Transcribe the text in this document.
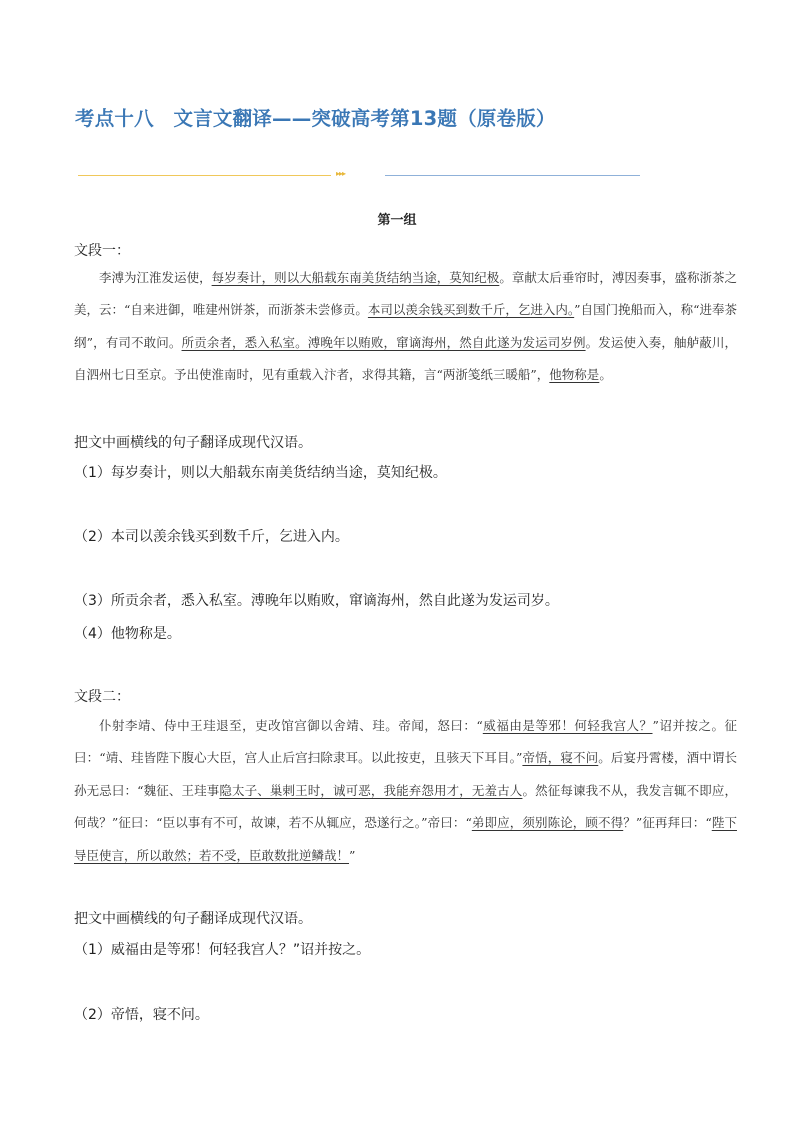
考点十八　文言文翻译——突破高考第13题（原卷版）
▸▸▸
第一组
文段一：
李溥为江淮发运使，每岁奏计，则以大船载东南美货结纳当途，莫知纪极。章献太后垂帘时，溥因奏事，盛称浙茶之美，云：“自来进御，唯建州饼茶，而浙茶未尝修贡。本司以羡余钱买到数千斤，乞进入内。”自国门挽船而入，称“进奉茶纲”，有司不敢问。所贡余者，悉入私室。溥晚年以贿败，窜谪海州，然自此遂为发运司岁例。发运使入奏，舳舻蔽川，自泗州七日至京。予出使淮南时，见有重载入汴者，求得其籍，言“两浙笺纸三暖船”，他物称是。
把文中画横线的句子翻译成现代汉语。
（1）每岁奏计，则以大船载东南美货结纳当途，莫知纪极。
（2）本司以羡余钱买到数千斤，乞进入内。
（3）所贡余者，悉入私室。溥晚年以贿败，窜谪海州，然自此遂为发运司岁。
（4）他物称是。
文段二：
仆射李靖、侍中王珪退至，吏改馆宫御以舍靖、珪。帝闻，怒曰：“威福由是等邪！何轻我宫人？”诏并按之。征曰：“靖、珪皆陛下腹心大臣，宫人止后宫扫除隶耳。以此按吏，且骇天下耳目。”帝悟，寝不问。后宴丹霄楼，酒中谓长孙无忌曰：“魏征、王珪事隐太子、巢剌王时，诚可恶，我能弃怨用才，无羞古人。然征每谏我不从，我发言辄不即应，何哉？”征曰：“臣以事有不可，故谏，若不从辄应，恐遂行之。”帝曰：“弟即应，须别陈论，顾不得？”征再拜曰：“陛下导臣使言，所以敢然；若不受，臣敢数批逆鳞哉！”
把文中画横线的句子翻译成现代汉语。
（1）威福由是等邪！何轻我宫人？”诏并按之。
（2）帝悟，寝不问。
